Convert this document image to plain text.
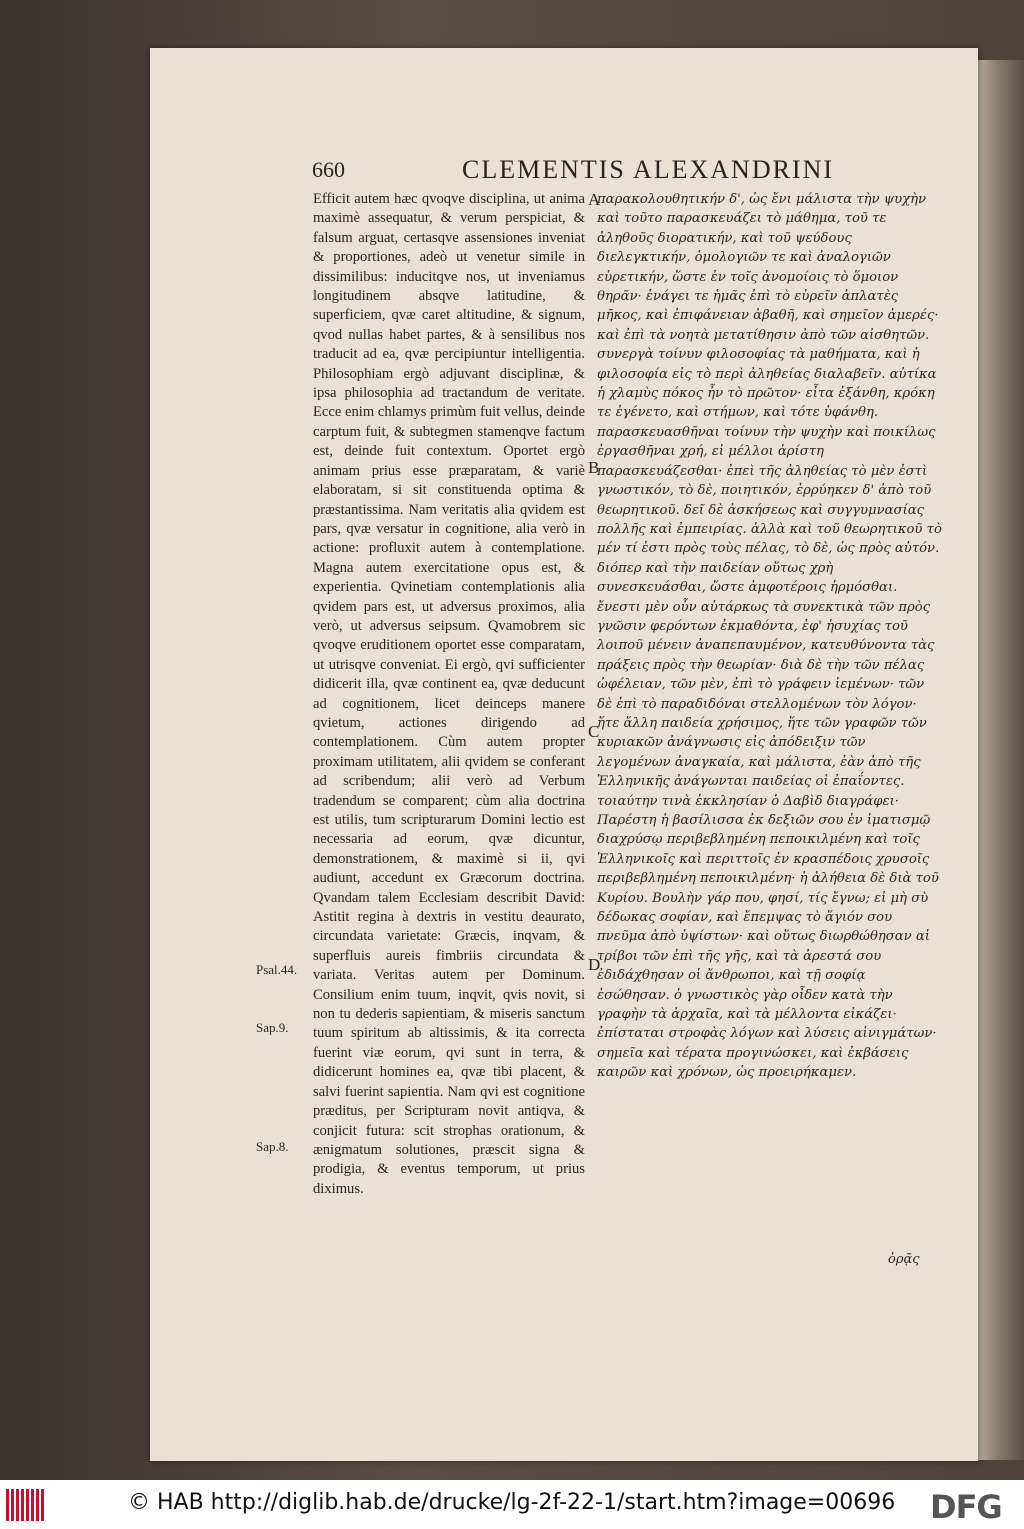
660	CLEMENTIS ALEXANDRINI

Efficit autem hæc qvoqve disciplina, ut anima maximè assequatur, & verum perspiciat, & falsum arguat, certasqve assensiones inveniat & proportiones, adeò ut venetur simile in dissimilibus: inducitqve nos, ut inveniamus longitudinem absqve latitudine, & superficiem, qvæ caret altitudine, & signum, qvod nullas habet partes, & à sensilibus nos traducit ad ea, qvæ percipiuntur intelligentia. Philosophiam ergò adjuvant disciplinæ, & ipsa philosophia ad tractandum de veritate. Ecce enim chlamys primùm fuit vellus, deinde carptum fuit, & subtegmen stamenqve factum est, deinde fuit contextum. Oportet ergò animam prius esse præparatam, & variè elaboratam, si sit constituenda optima & præstantissima. Nam veritatis alia qvidem est pars, qvæ versatur in cognitione, alia verò in actione: profluxit autem à contemplatione. Magna autem exercitatione opus est, & experientia. Qvinetiam contemplationis alia qvidem pars est, ut adversus proximos, alia verò, ut adversus seipsum. Qvamobrem sic qvoqve eruditionem oportet esse comparatam, ut utrisqve conveniat. Ei ergò, qvi sufficienter didicerit illa, qvæ continent ea, qvæ deducunt ad cognitionem, licet deinceps manere qvietum, actiones dirigendo ad contemplationem. Cùm autem propter proximam utilitatem, alii qvidem se conferant ad scribendum; alii verò ad Verbum tradendum se comparent; cùm alia doctrina est utilis, tum scripturarum Domini lectio est necessaria ad eorum, qvæ dicuntur, demonstrationem, & maximè si ii, qvi audiunt, accedunt ex Græcorum doctrina. Qvandam talem Ecclesiam describit David: Astitit regina à dextris in vestitu deaurato, circundata varietate: Græcis, inqvam, & superfluis aureis fimbriis circundata & variata. Veritas autem per Dominum. Consilium enim tuum, inqvit, qvis novit, si non tu dederis sapientiam, & miseris sanctum tuum spiritum ab altissimis, & ita correcta fuerint viæ eorum, qvi sunt in terra, & didicerunt homines ea, qvæ tibi placent, & salvi fuerint sapientia. Nam qvi est cognitione præditus, per Scripturam novit antiqva, & conjicit futura: scit strophas orationum, & ænigmatum solutiones, præscit signa & prodigia, & eventus temporum, ut prius diximus.

παρακολουθητικήν δ', ὡς ἔνι μάλιστα τὴν ψυχὴν καὶ τοῦτο παρασκευάζει τὸ μάθημα, τοῦ τε ἀληθοῦς διορατικήν, καὶ τοῦ ψεύδους διελεγκτικήν, ὁμολογιῶν τε καὶ ἀναλογιῶν εὑρετικήν, ὥστε ἐν τοῖς ἀνομοίοις τὸ ὅμοιον θηρᾶν· ἐνάγει τε ἡμᾶς ἐπὶ τὸ εὑρεῖν ἀπλατὲς μῆκος, καὶ ἐπιφάνειαν ἀβαθῆ, καὶ σημεῖον ἀμερές· καὶ ἐπὶ τὰ νοητὰ μετατίθησιν ἀπὸ τῶν αἰσθητῶν. συνεργὰ τοίνυν φιλοσοφίας τὰ μαθήματα, καὶ ἡ φιλοσοφία εἰς τὸ περὶ ἀληθείας διαλαβεῖν. αὐτίκα ἡ χλαμὺς πόκος ἦν τὸ πρῶτον· εἶτα ἐξάνθη, κρόκη τε ἐγένετο, καὶ στήμων, καὶ τότε ὑφάνθη. παρασκευασθῆναι τοίνυν τὴν ψυχὴν καὶ ποικίλως ἐργασθῆναι χρή, εἰ μέλλοι ἀρίστη παρασκευάζεσθαι· ἐπεὶ τῆς ἀληθείας τὸ μὲν ἐστὶ γνωστικόν, τὸ δὲ, ποιητικόν, ἐρρύηκεν δ' ἀπὸ τοῦ θεωρητικοῦ. δεῖ δὲ ἀσκήσεως καὶ συγγυμνασίας πολλῆς καὶ ἐμπειρίας. ἀλλὰ καὶ τοῦ θεωρητικοῦ τὸ μέν τί ἐστι πρὸς τοὺς πέλας, τὸ δὲ, ὡς πρὸς αὐτόν. διόπερ καὶ τὴν παιδείαν οὕτως χρὴ συνεσκευάσθαι, ὥστε ἀμφοτέροις ἡρμόσθαι. ἔνεστι μὲν οὖν αὐτάρκως τὰ συνεκτικὰ τῶν πρὸς γνῶσιν φερόντων ἐκμαθόντα, ἐφ' ἡσυχίας τοῦ λοιποῦ μένειν ἀναπεπαυμένον, κατευθύνοντα τὰς πράξεις πρὸς τὴν θεωρίαν· διὰ δὲ τὴν τῶν πέλας ὠφέλειαν, τῶν μὲν, ἐπὶ τὸ γράφειν ἱεμένων· τῶν δὲ ἐπὶ τὸ παραδιδόναι στελλομένων τὸν λόγον· ἥτε ἄλλη παιδεία χρήσιμος, ἥτε τῶν γραφῶν τῶν κυριακῶν ἀνάγνωσις εἰς ἀπόδειξιν τῶν λεγομένων ἀναγκαία, καὶ μάλιστα, ἐὰν ἀπὸ τῆς Ἑλληνικῆς ἀνάγωνται παιδείας οἱ ἐπαΐοντες. τοιαύτην τινὰ ἐκκλησίαν ὁ Δαβὶδ διαγράφει· Παρέστη ἡ βασίλισσα ἐκ δεξιῶν σου ἐν ἱματισμῷ διαχρύσῳ περιβεβλημένη πεποικιλμένη καὶ τοῖς Ἑλληνικοῖς καὶ περιττοῖς ἐν κρασπέδοις χρυσοῖς περιβεβλημένη πεποικιλμένη· ἡ ἀλήθεια δὲ διὰ τοῦ Κυρίου. Βουλὴν γάρ που, φησί, τίς ἔγνω; εἰ μὴ σὺ δέδωκας σοφίαν, καὶ ἔπεμψας τὸ ἅγιόν σου πνεῦμα ἀπὸ ὑψίστων· καὶ οὕτως διωρθώθησαν αἱ τρίβοι τῶν ἐπὶ τῆς γῆς, καὶ τὰ ἀρεστά σου ἐδιδάχθησαν οἱ ἄνθρωποι, καὶ τῇ σοφίᾳ ἐσώθησαν. ὁ γνωστικὸς γὰρ οἶδεν κατὰ τὴν γραφὴν τὰ ἀρχαῖα, καὶ τὰ μέλλοντα εἰκάζει· ἐπίσταται στροφὰς λόγων καὶ λύσεις αἰνιγμάτων· σημεῖα καὶ τέρατα προγινώσκει, καὶ ἐκβάσεις καιρῶν καὶ χρόνων, ὡς προειρήκαμεν.

A
B
C
D
Psal.44.
Sap.9.
Sap.8.
ὁρᾷς
© HAB http://diglib.hab.de/drucke/lg-2f-22-1/start.htm?image=00696 DFG
